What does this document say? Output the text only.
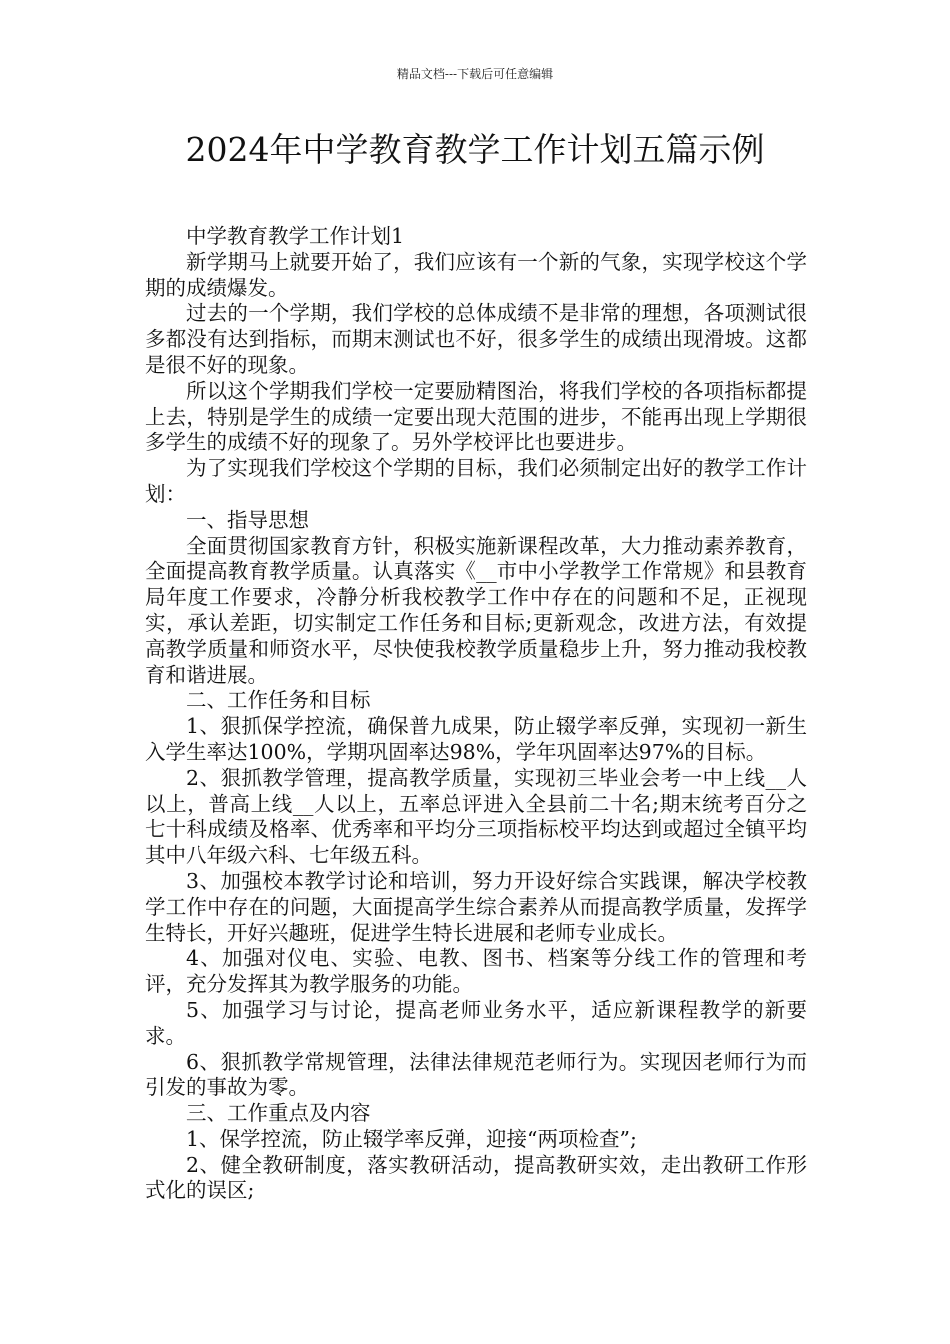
精品文档---下载后可任意编辑
2024年中学教育教学工作计划五篇示例

中学教育教学工作计划1

新学期马上就要开始了，我们应该有一个新的气象，实现学校这个学期的成绩爆发。

过去的一个学期，我们学校的总体成绩不是非常的理想，各项测试很多都没有达到指标，而期末测试也不好，很多学生的成绩出现滑坡。这都是很不好的现象。

所以这个学期我们学校一定要励精图治，将我们学校的各项指标都提上去，特别是学生的成绩一定要出现大范围的进步，不能再出现上学期很多学生的成绩不好的现象了。另外学校评比也要进步。

为了实现我们学校这个学期的目标，我们必须制定出好的教学工作计划：

一、指导思想

全面贯彻国家教育方针，积极实施新课程改革，大力推动素养教育，全面提高教育教学质量。认真落实《__市中小学教学工作常规》和县教育局年度工作要求，冷静分析我校教学工作中存在的问题和不足，正视现实，承认差距，切实制定工作任务和目标;更新观念，改进方法，有效提高教学质量和师资水平，尽快使我校教学质量稳步上升，努力推动我校教育和谐进展。

二、工作任务和目标

1、狠抓保学控流，确保普九成果，防止辍学率反弹，实现初一新生入学生率达100%，学期巩固率达98%，学年巩固率达97%的目标。

2、狠抓教学管理，提高教学质量，实现初三毕业会考一中上线__人以上，普高上线__人以上，五率总评进入全县前二十名;期末统考百分之七十科成绩及格率、优秀率和平均分三项指标校平均达到或超过全镇平均其中八年级六科、七年级五科。

3、加强校本教学讨论和培训，努力开设好综合实践课，解决学校教学工作中存在的问题，大面提高学生综合素养从而提高教学质量，发挥学生特长，开好兴趣班，促进学生特长进展和老师专业成长。

4、加强对仪电、实验、电教、图书、档案等分线工作的管理和考评，充分发挥其为教学服务的功能。

5、加强学习与讨论，提高老师业务水平，适应新课程教学的新要求。

6、狠抓教学常规管理，法律法律规范老师行为。实现因老师行为而引发的事故为零。

三、工作重点及内容

1、保学控流，防止辍学率反弹，迎接“两项检查”;

2、健全教研制度，落实教研活动，提高教研实效，走出教研工作形式化的误区;
